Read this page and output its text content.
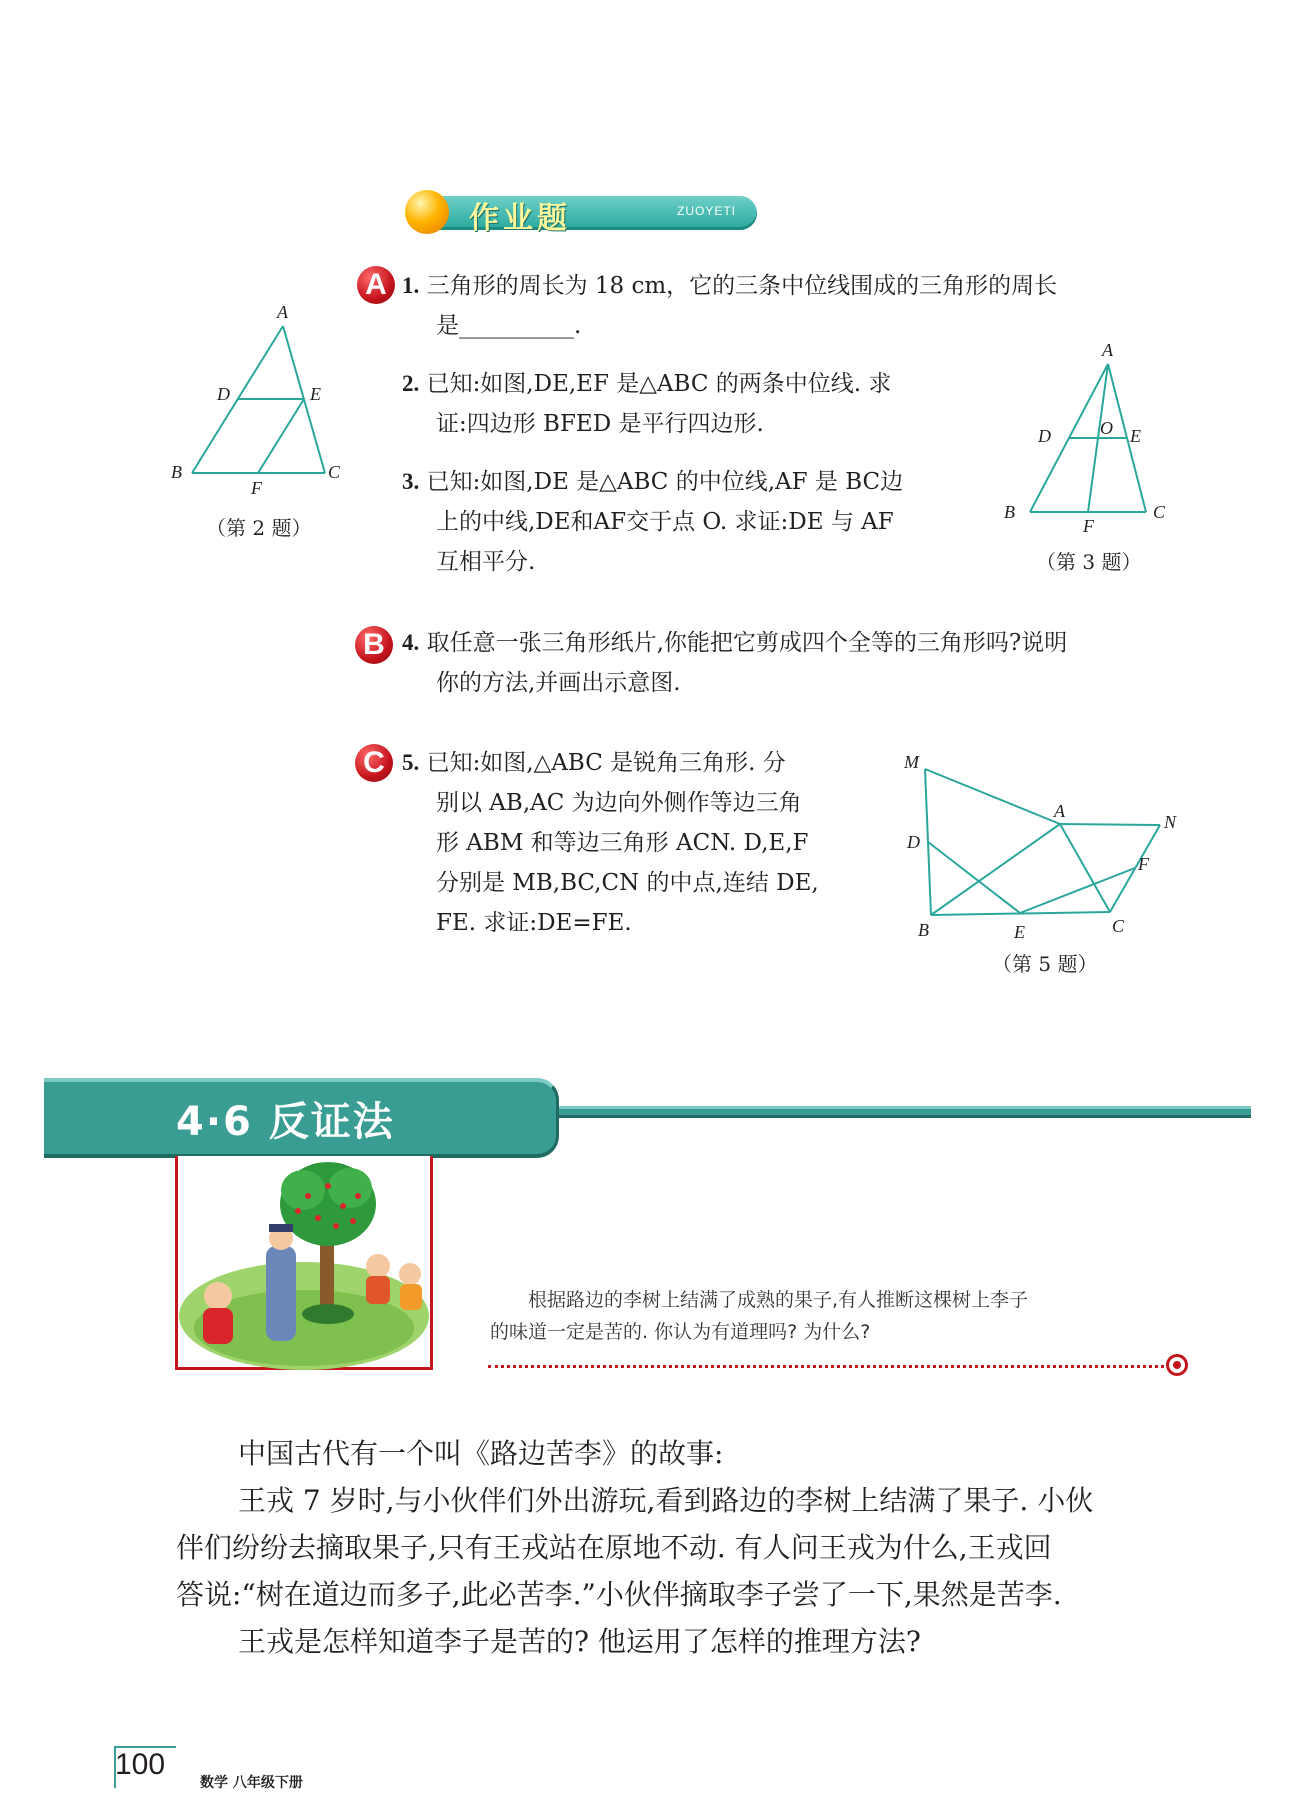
作业题	ZUOYETI
A 1. 三角形的周长为 18 cm，它的三条中位线围成的三角形的周长
是__________.
2. 已知:如图,DE,EF 是△ABC 的两条中位线. 求
证:四边形 BFED 是平行四边形.
3. 已知:如图,DE 是△ABC 的中位线,AF 是 BC边
上的中线,DE和AF交于点 O. 求证:DE 与 AF
互相平分.
A
D	E
B	C
F
（第 2 题）
A
D	O E
B	C
F
（第 3 题）
B 4. 取任意一张三角形纸片,你能把它剪成四个全等的三角形吗?说明
你的方法,并画出示意图.
C 5. 已知:如图,△ABC 是锐角三角形. 分
别以 AB,AC 为边向外侧作等边三角
形 ABM 和等边三角形 ACN. D,E,F
分别是 MB,BC,CN 的中点,连结 DE,
FE. 求证:DE=FE.
M
A
N
D
F
B	E	C
（第 5 题）
4·6 反证法
根据路边的李树上结满了成熟的果子,有人推断这棵树上李子
的味道一定是苦的. 你认为有道理吗? 为什么?
中国古代有一个叫《路边苦李》的故事:
王戎 7 岁时,与小伙伴们外出游玩,看到路边的李树上结满了果子. 小伙
伴们纷纷去摘取果子,只有王戎站在原地不动. 有人问王戎为什么,王戎回
答说:“树在道边而多子,此必苦李.”小伙伴摘取李子尝了一下,果然是苦李.
王戎是怎样知道李子是苦的? 他运用了怎样的推理方法?
100
数学 八年级下册
